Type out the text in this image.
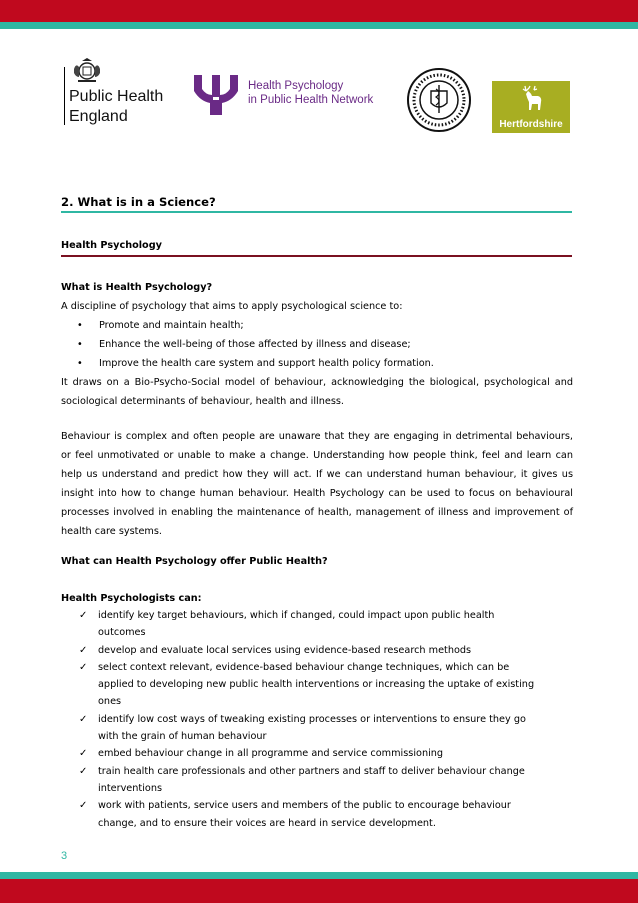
Public Health
England
Health Psychology
in Public Health Network
Hertfordshire
2. What is in a Science?
Health Psychology
What is Health Psychology?
A discipline of psychology that aims to apply psychological science to:
• Promote and maintain health;
• Enhance the well-being of those affected by illness and disease;
• Improve the health care system and support health policy formation.
It draws on a Bio-Psycho-Social model of behaviour, acknowledging the biological, psychological and sociological determinants of behaviour, health and illness.
Behaviour is complex and often people are unaware that they are engaging in detrimental behaviours, or feel unmotivated or unable to make a change. Understanding how people think, feel and learn can help us understand and predict how they will act. If we can understand human behaviour, it gives us insight into how to change human behaviour. Health Psychology can be used to focus on behavioural processes involved in enabling the maintenance of health, management of illness and improvement of health care systems.
What can Health Psychology offer Public Health?
Health Psychologists can:
✓ identify key target behaviours, which if changed, could impact upon public health outcomes
✓ develop and evaluate local services using evidence-based research methods
✓ select context relevant, evidence-based behaviour change techniques, which can be applied to developing new public health interventions or increasing the uptake of existing ones
✓ identify low cost ways of tweaking existing processes or interventions to ensure they go with the grain of human behaviour
✓ embed behaviour change in all programme and service commissioning
✓ train health care professionals and other partners and staff to deliver behaviour change interventions
✓ work with patients, service users and members of the public to encourage behaviour change, and to ensure their voices are heard in service development.
3
